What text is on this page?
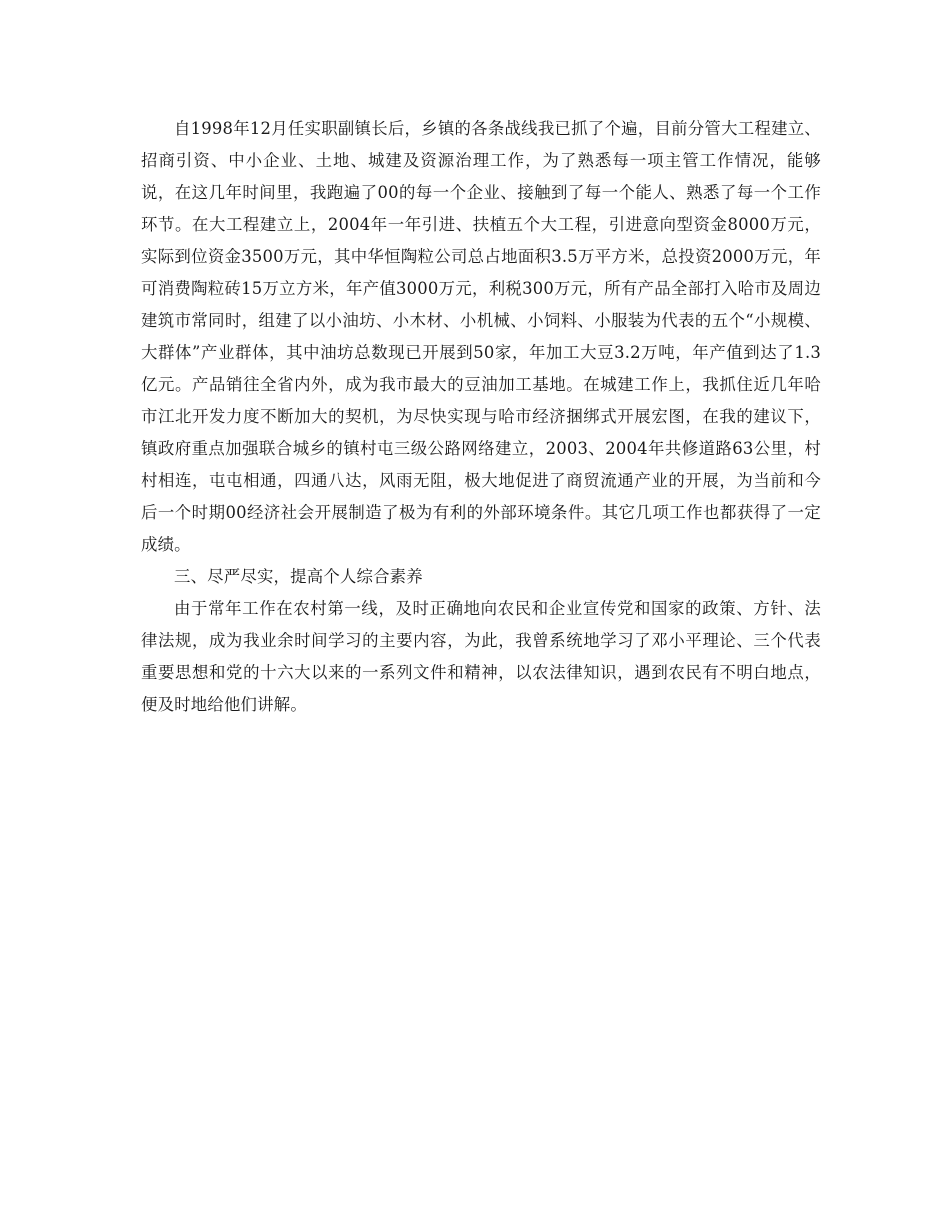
自1998年12月任实职副镇长后，乡镇的各条战线我已抓了个遍，目前分管大工程建立、招商引资、中小企业、土地、城建及资源治理工作，为了熟悉每一项主管工作情况，能够说，在这几年时间里，我跑遍了00的每一个企业、接触到了每一个能人、熟悉了每一个工作环节。在大工程建立上，2004年一年引进、扶植五个大工程，引进意向型资金8000万元，实际到位资金3500万元，其中华恒陶粒公司总占地面积3.5万平方米，总投资2000万元，年可消费陶粒砖15万立方米，年产值3000万元，利税300万元，所有产品全部打入哈市及周边建筑市常同时，组建了以小油坊、小木材、小机械、小饲料、小服装为代表的五个“小规模、大群体”产业群体，其中油坊总数现已开展到50家，年加工大豆3.2万吨，年产值到达了1.3亿元。产品销往全省内外，成为我市最大的豆油加工基地。在城建工作上，我抓住近几年哈市江北开发力度不断加大的契机，为尽快实现与哈市经济捆绑式开展宏图，在我的建议下，镇政府重点加强联合城乡的镇村屯三级公路网络建立，2003、2004年共修道路63公里，村村相连，屯屯相通，四通八达，风雨无阻，极大地促进了商贸流通产业的开展，为当前和今后一个时期00经济社会开展制造了极为有利的外部环境条件。其它几项工作也都获得了一定成绩。

三、尽严尽实，提高个人综合素养

由于常年工作在农村第一线，及时正确地向农民和企业宣传党和国家的政策、方针、法律法规，成为我业余时间学习的主要内容，为此，我曾系统地学习了邓小平理论、三个代表重要思想和党的十六大以来的一系列文件和精神，以农法律知识，遇到农民有不明白地点，便及时地给他们讲解。
